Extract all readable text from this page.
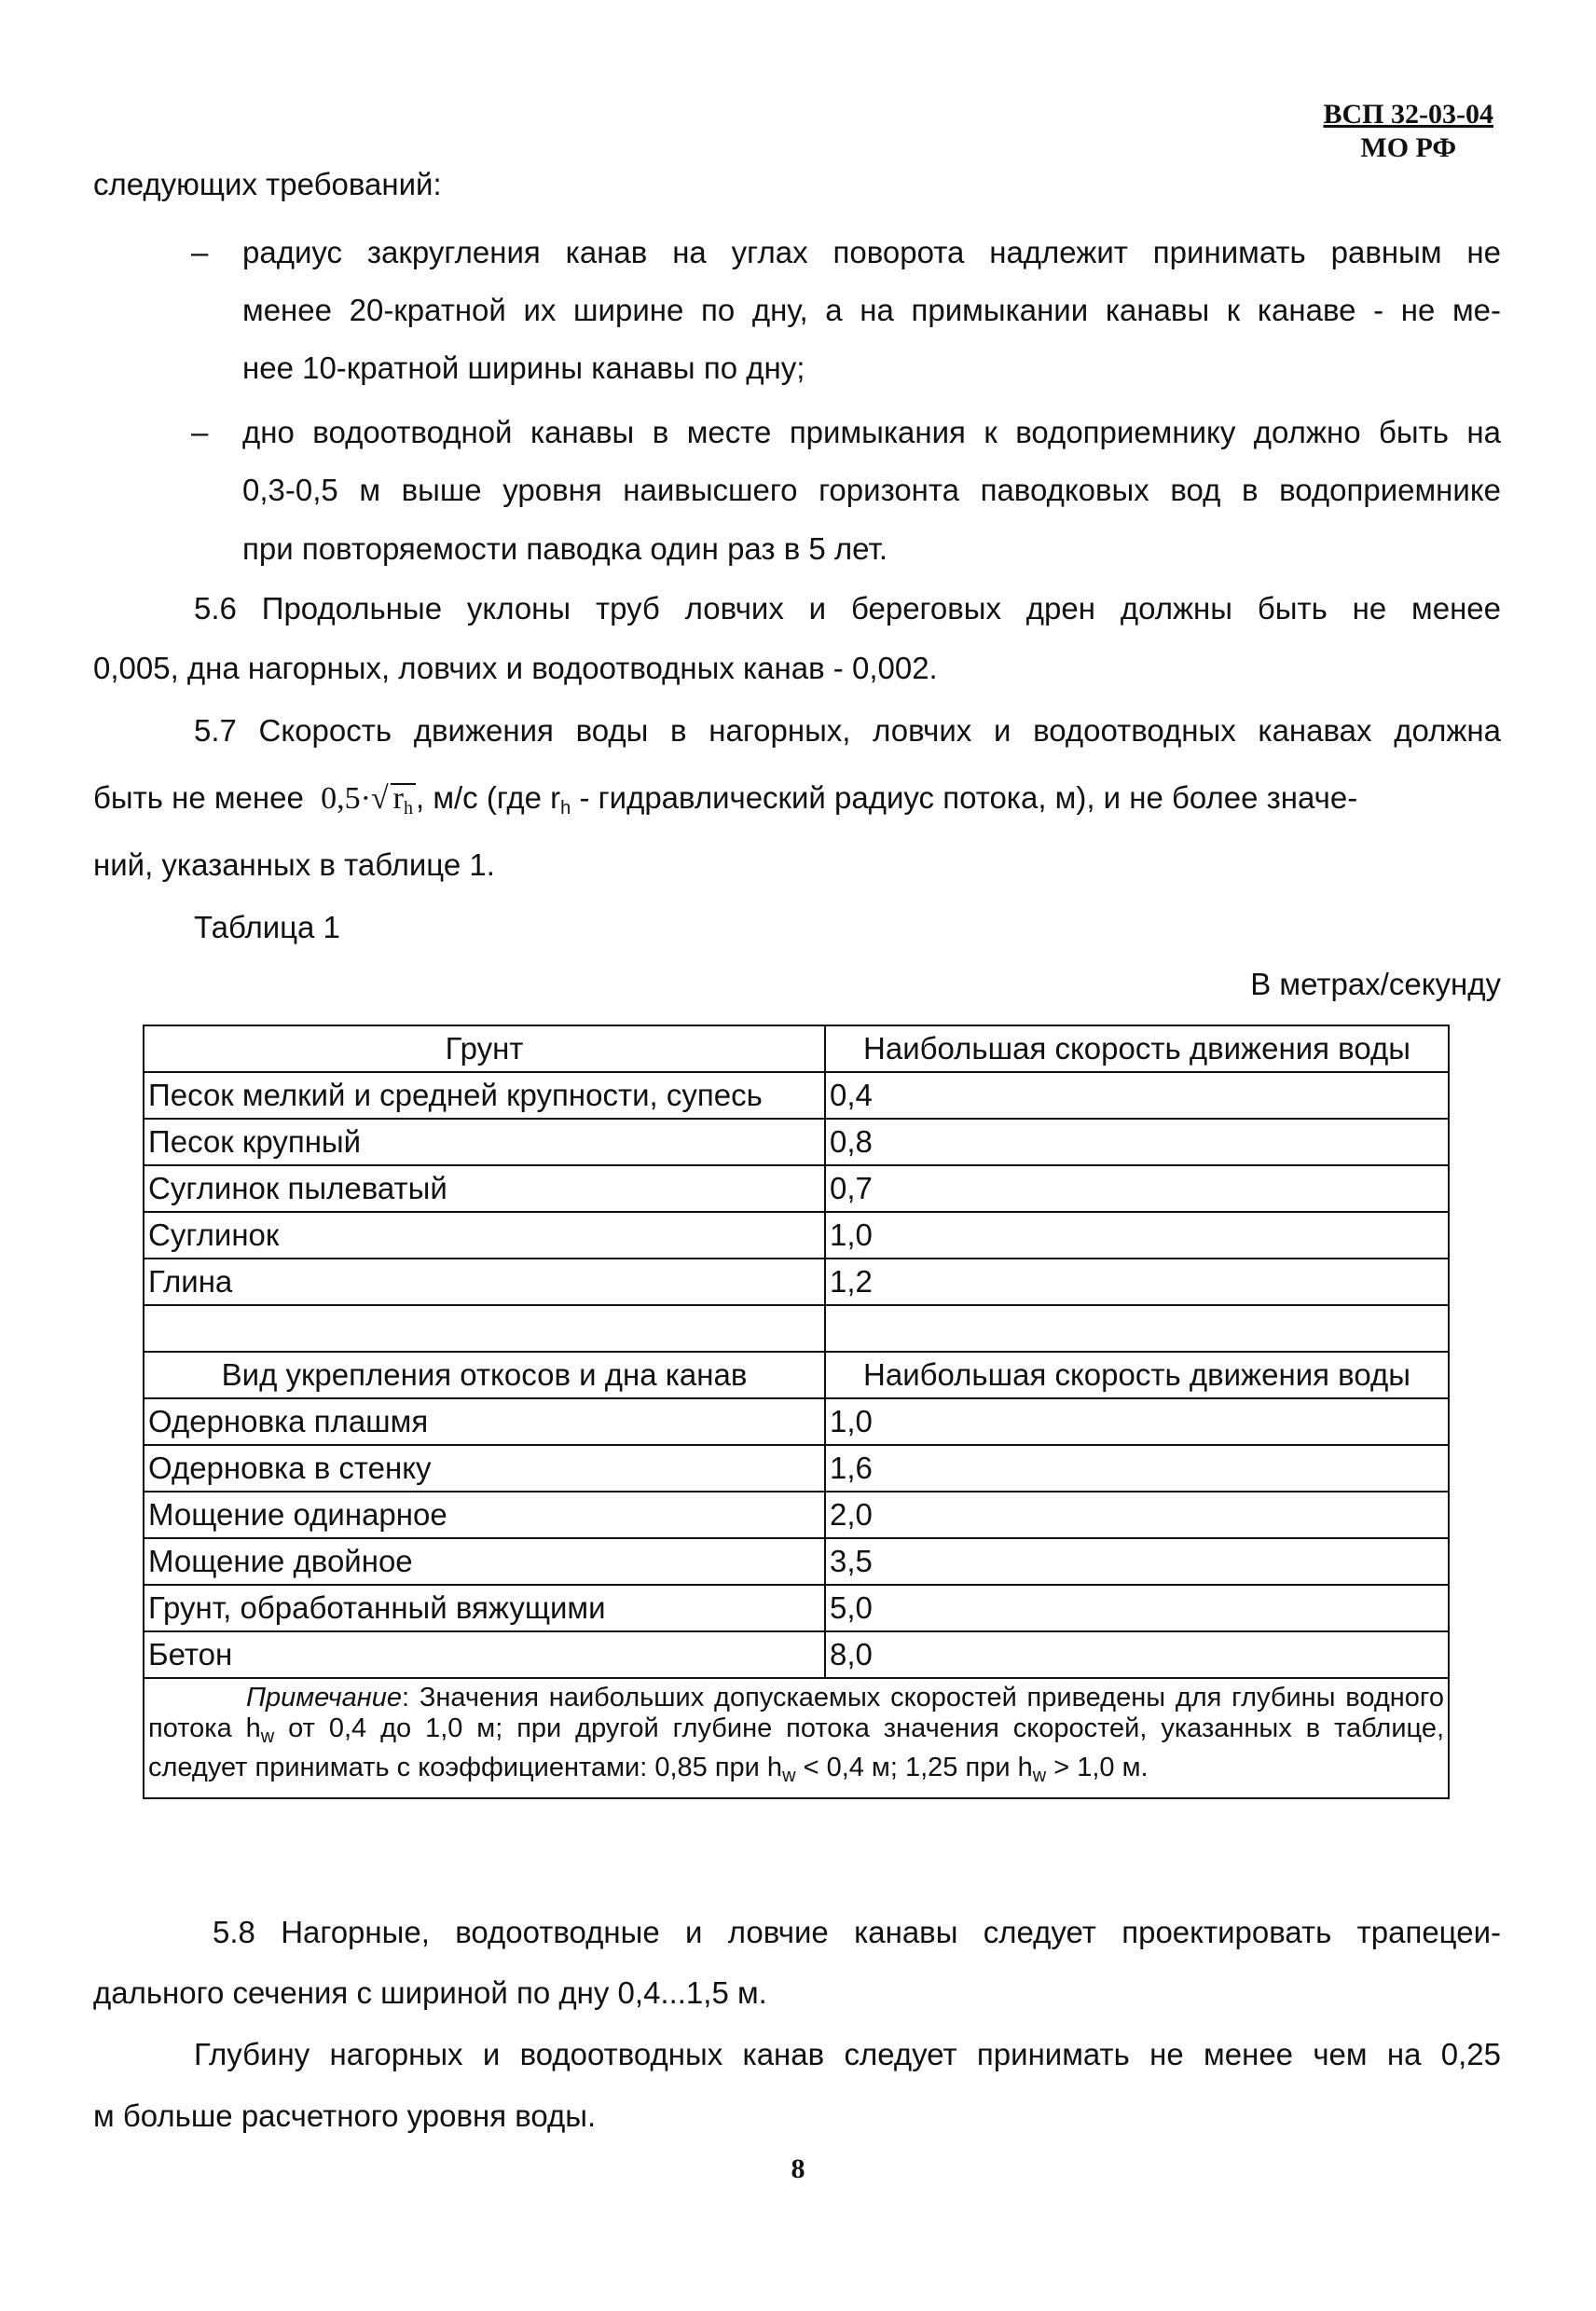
ВСП 32-03-04
МО РФ
следующих требований:
– радиус закругления канав на углах поворота надлежит принимать равным не
менее 20-кратной их ширине по дну, а на примыкании канавы к канаве - не ме-
нее 10-кратной ширины канавы по дну;
– дно водоотводной канавы в месте примыкания к водоприемнику должно быть на
0,3-0,5 м выше уровня наивысшего горизонта паводковых вод в водоприемнике
при повторяемости паводка один раз в 5 лет.
5.6 Продольные уклоны труб ловчих и береговых дрен должны быть не менее
0,005, дна нагорных, ловчих и водоотводных канав - 0,002.
5.7 Скорость движения воды в нагорных, ловчих и водоотводных канавах должна
быть не менее 0,5·√ $r_h$, м/с (где $r_h$ - гидравлический радиус потока, м), и не более значе-
ний, указанных в таблице 1.
Таблица 1
В метрах/секунду
Грунт	Наибольшая скорость движения воды
Песок мелкий и средней крупности, супесь	0,4
Песок крупный	0,8
Суглинок пылеватый	0,7
Суглинок	1,0
Глина	1,2

Вид укрепления откосов и дна канав	Наибольшая скорость движения воды
Одерновка плашмя	1,0
Одерновка в стенку	1,6
Мощение одинарное	2,0
Мощение двойное	3,5
Грунт, обработанный вяжущими	5,0
Бетон	8,0
Примечание: Значения наибольших допускаемых скоростей приведены для глубины водного потока $h_w$ от 0,4 до 1,0 м; при другой глубине потока значения скоростей, указанных в таблице, следует принимать с коэффициентами: 0,85 при $h_w < 0,4$ м; 1,25 при $h_w > 1,0$ м.	
5.8 Нагорные, водоотводные и ловчие канавы следует проектировать трапецеи-
дального сечения с шириной по дну 0,4...1,5 м.
Глубину нагорных и водоотводных канав следует принимать не менее чем на 0,25
м больше расчетного уровня воды.
8
